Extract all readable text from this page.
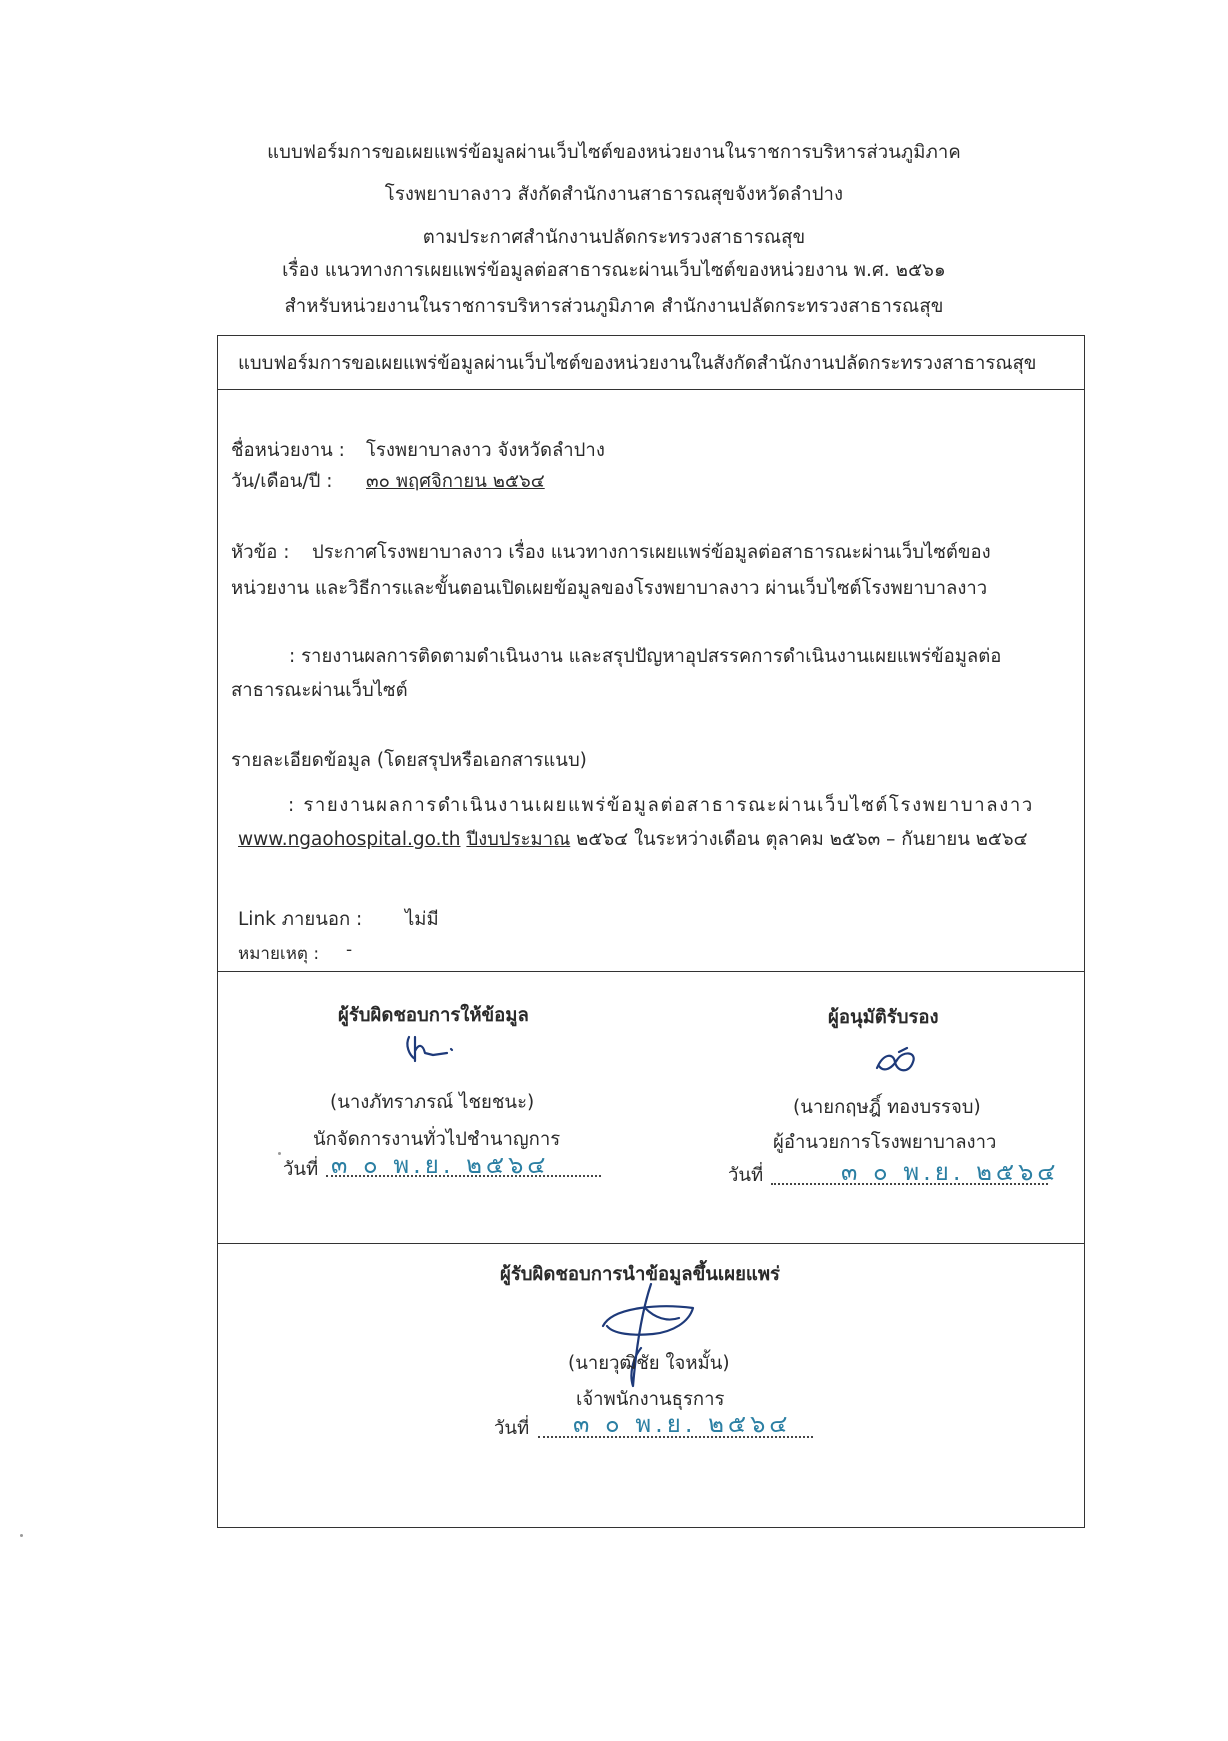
แบบฟอร์มการขอเผยแพร่ข้อมูลผ่านเว็บไซต์ของหน่วยงานในราชการบริหารส่วนภูมิภาค
โรงพยาบาลงาว สังกัดสำนักงานสาธารณสุขจังหวัดลำปาง
ตามประกาศสำนักงานปลัดกระทรวงสาธารณสุข
เรื่อง แนวทางการเผยแพร่ข้อมูลต่อสาธารณะผ่านเว็บไซต์ของหน่วยงาน พ.ศ. ๒๕๖๑
สำหรับหน่วยงานในราชการบริหารส่วนภูมิภาค สำนักงานปลัดกระทรวงสาธารณสุข
แบบฟอร์มการขอเผยแพร่ข้อมูลผ่านเว็บไซต์ของหน่วยงานในสังกัดสำนักงานปลัดกระทรวงสาธารณสุข
ชื่อหน่วยงาน : โรงพยาบาลงาว จังหวัดลำปาง
วัน/เดือน/ปี : ๓๐ พฤศจิกายน ๒๕๖๔
หัวข้อ : ประกาศโรงพยาบาลงาว เรื่อง แนวทางการเผยแพร่ข้อมูลต่อสาธารณะผ่านเว็บไซต์ของ
หน่วยงาน และวิธีการและขั้นตอนเปิดเผยข้อมูลของโรงพยาบาลงาว ผ่านเว็บไซต์โรงพยาบาลงาว
: รายงานผลการติดตามดำเนินงาน และสรุปปัญหาอุปสรรคการดำเนินงานเผยแพร่ข้อมูลต่อ
สาธารณะผ่านเว็บไซต์
รายละเอียดข้อมูล (โดยสรุปหรือเอกสารแนบ)
: รายงานผลการดำเนินงานเผยแพร่ข้อมูลต่อสาธารณะผ่านเว็บไซต์โรงพยาบาลงาว
www.ngaohospital.go.th ปีงบประมาณ ๒๕๖๔ ในระหว่างเดือน ตุลาคม ๒๕๖๓ – กันยายน ๒๕๖๔
Link ภายนอก : ไม่มี
หมายเหตุ : -
ผู้รับผิดชอบการให้ข้อมูล
(นางภัทราภรณ์ ไชยชนะ)
นักจัดการงานทั่วไปชำนาญการ
วันที่ ๓ ๐ พ.ย. ๒๕๖๔
ผู้อนุมัติรับรอง
(นายกฤษฎิ์ ทองบรรจบ)
ผู้อำนวยการโรงพยาบาลงาว
วันที่	๓ ๐ พ.ย. ๒๕๖๔
ผู้รับผิดชอบการนำข้อมูลขึ้นเผยแพร่
(นายวุฒิชัย ใจหมั้น)
เจ้าพนักงานธุรการ
วันที่ ๓ ๐ พ.ย. ๒๕๖๔
